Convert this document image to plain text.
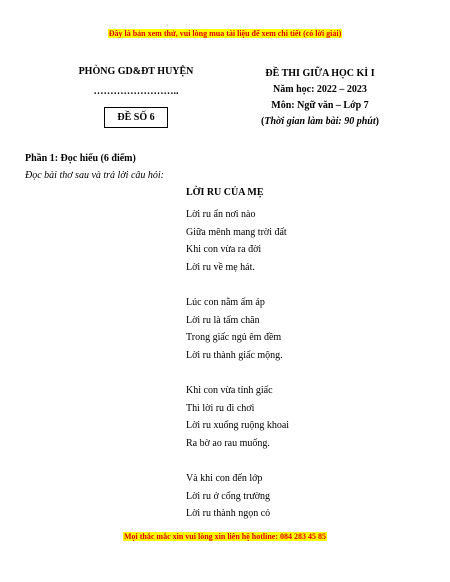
Đây là bản xem thử, vui lòng mua tài liệu để xem chi tiết (có lời giải)
PHÒNG GD&ĐT HUYỆN
……………………..
ĐỀ SỐ 6
ĐỀ THI GIỮA HỌC KÌ I
Năm học: 2022 – 2023
Môn: Ngữ văn – Lớp 7
(Thời gian làm bài: 90 phút)
Phần 1: Đọc hiểu (6 điểm)
Đọc bài thơ sau và trả lời câu hỏi:
LỜI RU CỦA MẸ
Lời ru ẩn nơi nào
Giữa mênh mang trời đất
Khi con vừa ra đời
Lời ru về mẹ hát.
Lúc con nằm ấm áp
Lời ru là tấm chăn
Trong giấc ngủ êm đềm
Lời ru thành giấc mộng.
Khi con vừa tỉnh giấc
Thì lời ru đi chơi
Lời ru xuống ruộng khoai
Ra bờ ao rau muống.
Và khi con đến lớp
Lời ru ở cổng trường
Lời ru thành ngọn cỏ
Mọi thắc mắc xin vui lòng xin liên hệ hotline: 084 283 45 85
